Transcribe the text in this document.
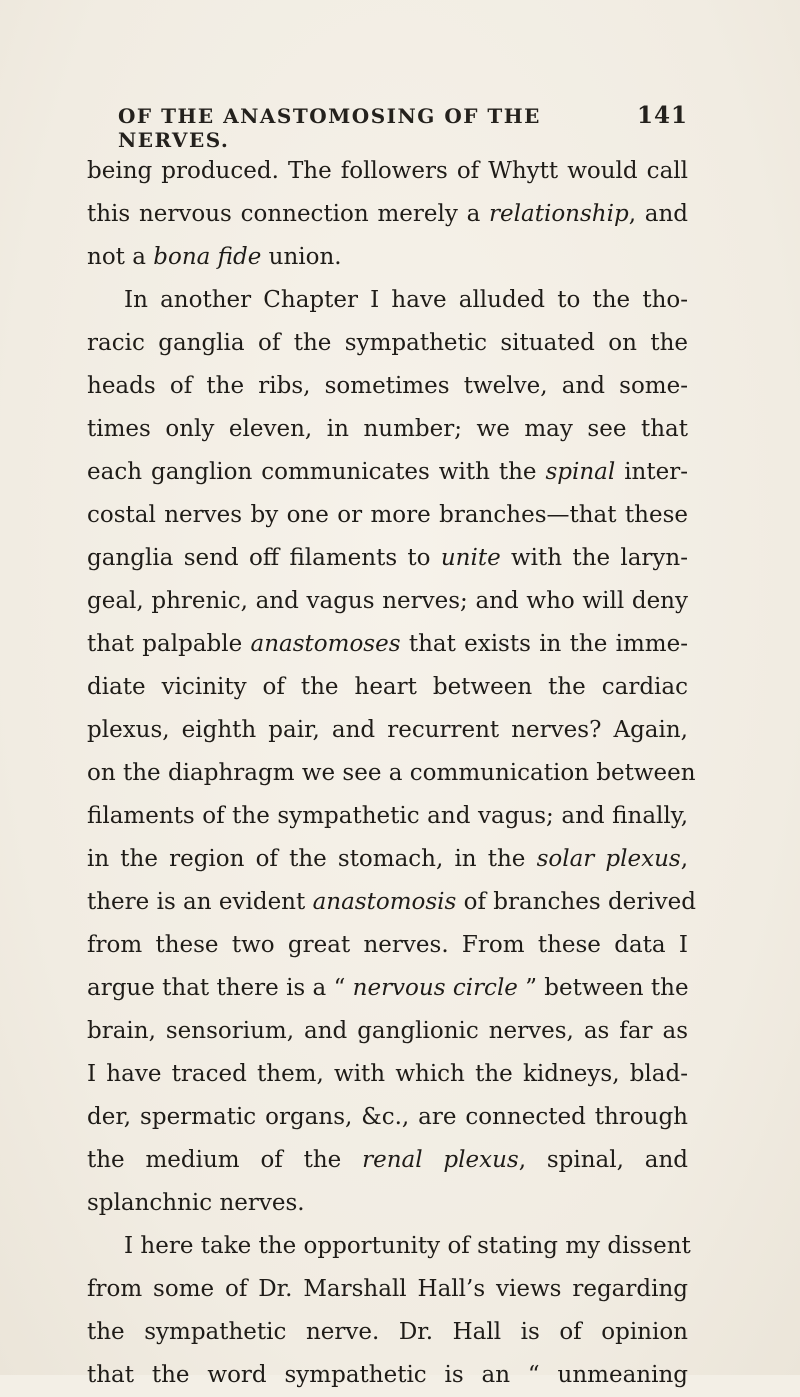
OF THE ANASTOMOSING OF THE NERVES.
141
being produced. The followers of Whytt would call
this nervous connection merely a relationship, and
not a bona fide union.
In another Chapter I have alluded to the tho-
racic ganglia of the sympathetic situated on the
heads of the ribs, sometimes twelve, and some-
times only eleven, in number; we may see that
each ganglion communicates with the spinal inter-
costal nerves by one or more branches—that these
ganglia send off filaments to unite with the laryn-
geal, phrenic, and vagus nerves; and who will deny
that palpable anastomoses that exists in the imme-
diate vicinity of the heart between the cardiac
plexus, eighth pair, and recurrent nerves? Again,
on the diaphragm we see a communication between
filaments of the sympathetic and vagus; and finally,
in the region of the stomach, in the solar plexus,
there is an evident anastomosis of branches derived
from these two great nerves. From these data I
argue that there is a “ nervous circle ” between the
brain, sensorium, and ganglionic nerves, as far as
I have traced them, with which the kidneys, blad-
der, spermatic organs, &c., are connected through
the medium of the renal plexus, spinal, and
splanchnic nerves.
I here take the opportunity of stating my dissent
from some of Dr. Marshall Hall’s views regarding
the sympathetic nerve. Dr. Hall is of opinion
that the word sympathetic is an “ unmeaning
